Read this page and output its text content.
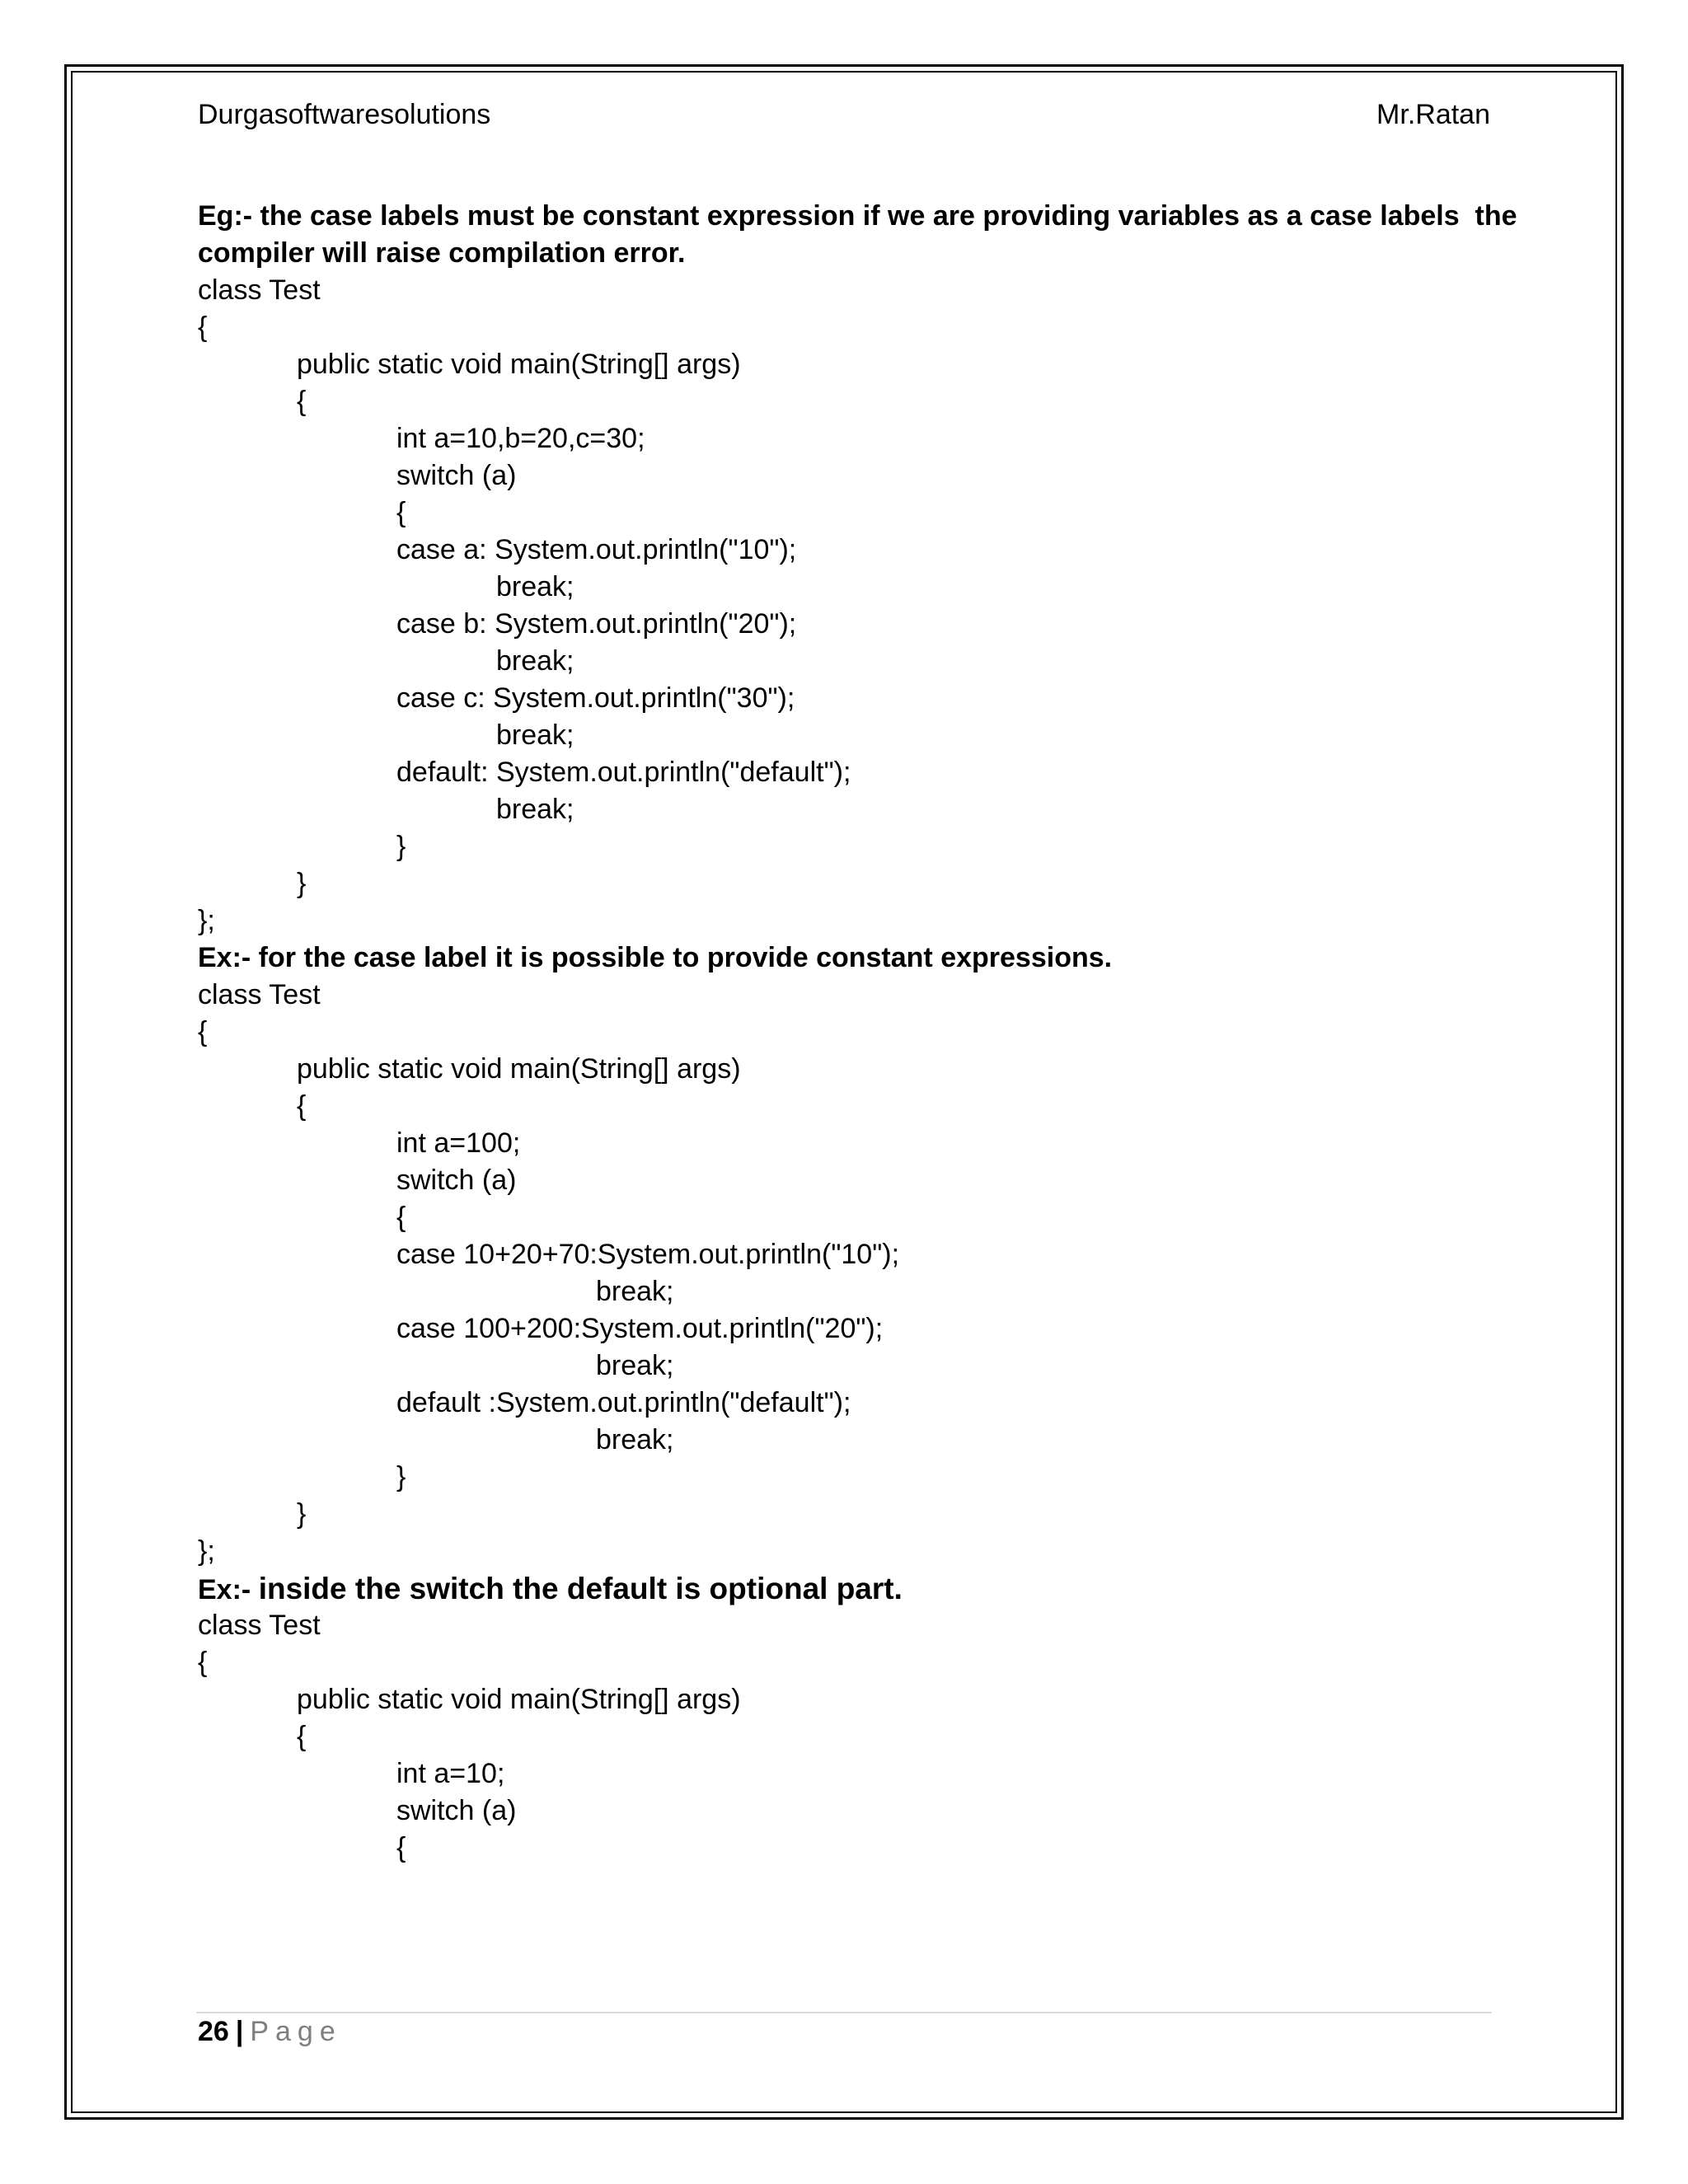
Durgasoftwaresolutions	Mr.Ratan
Eg:- the case labels must be constant expression if we are providing variables as a case labels  the
compiler will raise compilation error.
class Test
{
public static void main(String[] args)
{
int a=10,b=20,c=30;
switch (a)
{
case a: System.out.println("10");
break;
case b: System.out.println("20");
break;
case c: System.out.println("30");
break;
default: System.out.println("default");
break;
}
}
};
Ex:- for the case label it is possible to provide constant expressions.
class Test
{
public static void main(String[] args)
{
int a=100;
switch (a)
{
case 10+20+70:System.out.println("10");
break;
case 100+200:System.out.println("20");
break;
default :System.out.println("default");
break;
}
}
};
Ex:- inside the switch the default is optional part.
class Test
{
public static void main(String[] args)
{
int a=10;
switch (a)
{
26 | Page
